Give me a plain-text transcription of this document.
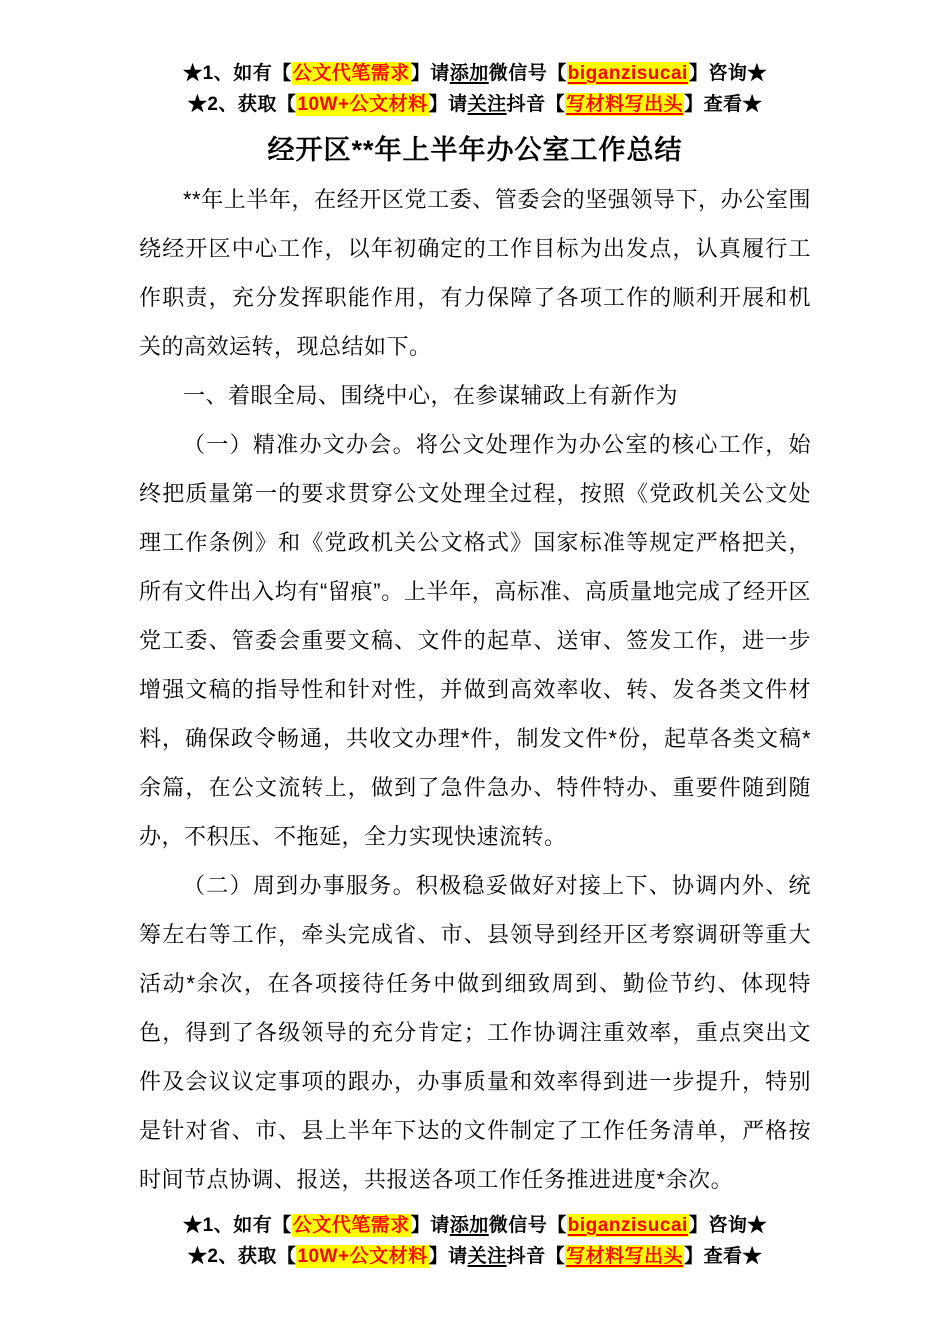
★1、如有【公文代笔需求】请添加微信号【biganzisucai】咨询★
★2、获取【10W+公文材料】请关注抖音【写材料写出头】查看★
经开区**年上半年办公室工作总结

**年上半年，在经开区党工委、管委会的坚强领导下，办公室围绕经开区中心工作，以年初确定的工作目标为出发点，认真履行工作职责，充分发挥职能作用，有力保障了各项工作的顺利开展和机关的高效运转，现总结如下。

一、着眼全局、围绕中心，在参谋辅政上有新作为

（一）精准办文办会。将公文处理作为办公室的核心工作，始终把质量第一的要求贯穿公文处理全过程，按照《党政机关公文处理工作条例》和《党政机关公文格式》国家标准等规定严格把关，所有文件出入均有“留痕”。上半年，高标准、高质量地完成了经开区党工委、管委会重要文稿、文件的起草、送审、签发工作，进一步增强文稿的指导性和针对性，并做到高效率收、转、发各类文件材料，确保政令畅通，共收文办理*件，制发文件*份，起草各类文稿*余篇，在公文流转上，做到了急件急办、特件特办、重要件随到随办，不积压、不拖延，全力实现快速流转。

（二）周到办事服务。积极稳妥做好对接上下、协调内外、统筹左右等工作，牵头完成省、市、县领导到经开区考察调研等重大活动*余次，在各项接待任务中做到细致周到、勤俭节约、体现特色，得到了各级领导的充分肯定；工作协调注重效率，重点突出文件及会议议定事项的跟办，办事质量和效率得到进一步提升，特别是针对省、市、县上半年下达的文件制定了工作任务清单，严格按时间节点协调、报送，共报送各项工作任务推进进度*余次。

★1、如有【公文代笔需求】请添加微信号【biganzisucai】咨询★
★2、获取【10W+公文材料】请关注抖音【写材料写出头】查看★
